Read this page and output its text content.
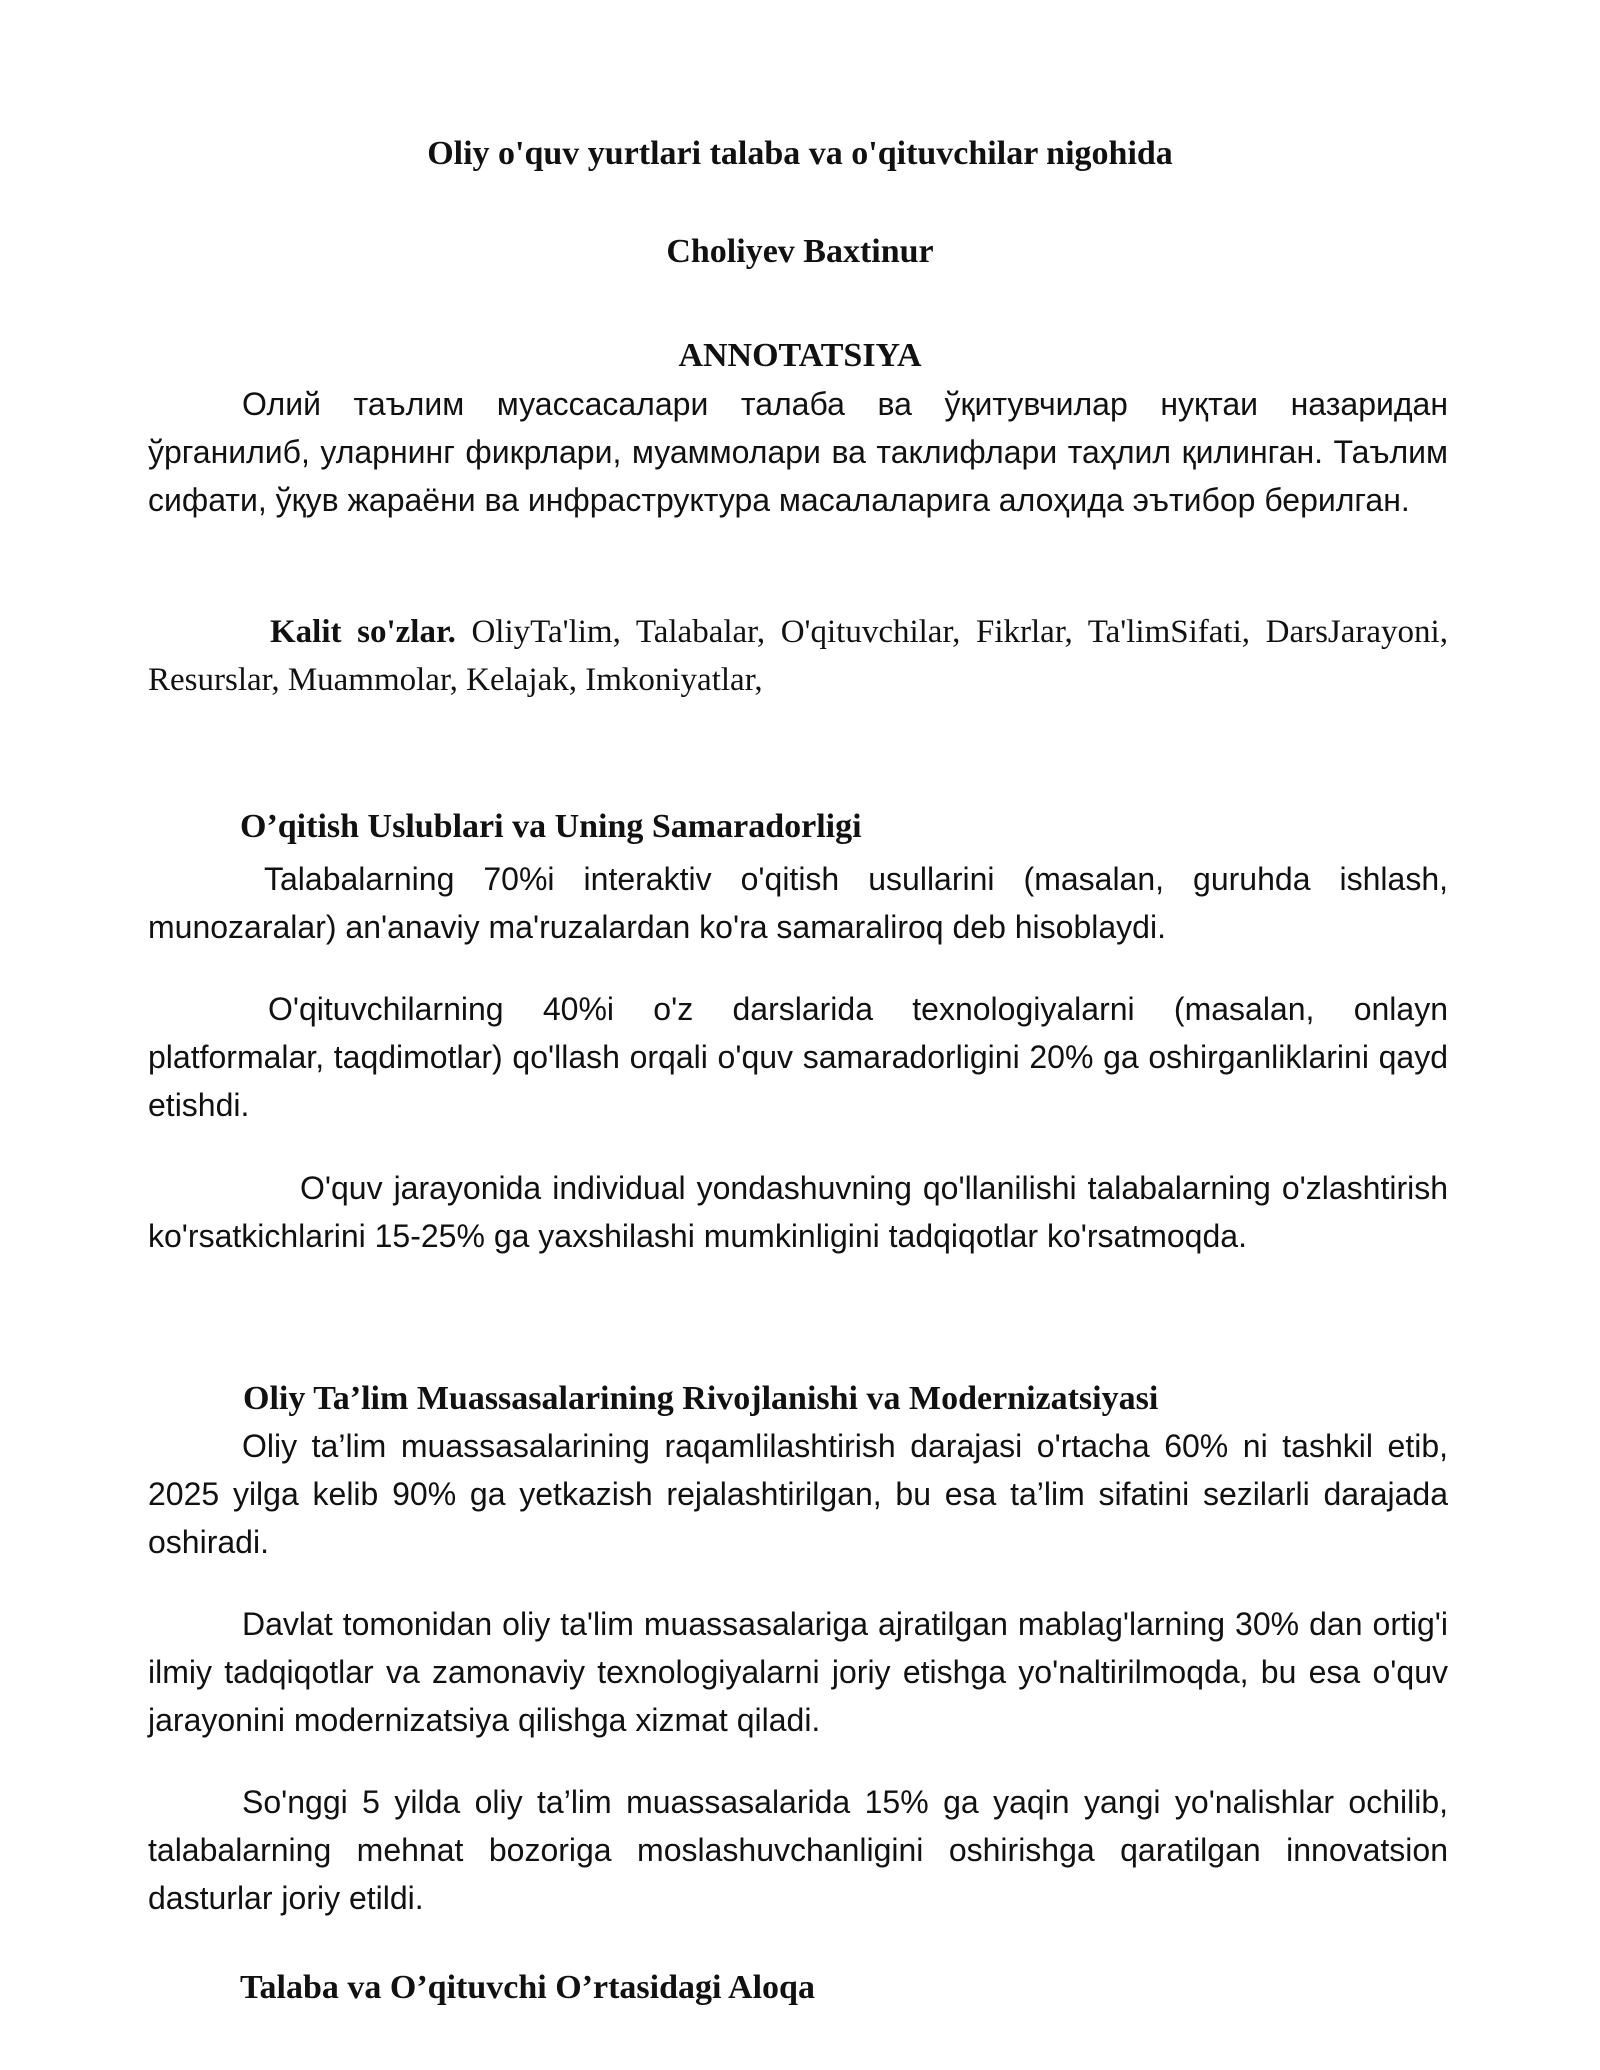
Oliy o'quv yurtlari talaba va o'qituvchilar nigohida

Choliyev Baxtinur

ANNOTATSIYA

Олий таълим муассасалари талаба ва ўқитувчилар нуқтаи назаридан ўрганилиб, уларнинг фикрлари, муаммолари ва таклифлари таҳлил қилинган. Таълим сифати, ўқув жараёни ва инфраструктура масалаларига алоҳида эътибор берилган.

Kalit so'zlar. OliyTa'lim, Talabalar, O'qituvchilar, Fikrlar, Ta'limSifati, DarsJarayoni, Resurslar, Muammolar, Kelajak, Imkoniyatlar,

O’qitish Uslublari va Uning Samaradorligi

Talabalarning 70%i interaktiv o'qitish usullarini (masalan, guruhda ishlash, munozaralar) an'anaviy ma'ruzalardan ko'ra samaraliroq deb hisoblaydi.

O'qituvchilarning 40%i o'z darslarida texnologiyalarni (masalan, onlayn platformalar, taqdimotlar) qo'llash orqali o'quv samaradorligini 20% ga oshirganliklarini qayd etishdi.

O'quv jarayonida individual yondashuvning qo'llanilishi talabalarning o'zlashtirish ko'rsatkichlarini 15-25% ga yaxshilashi mumkinligini tadqiqotlar ko'rsatmoqda.

Oliy Ta’lim Muassasalarining Rivojlanishi va Modernizatsiyasi

Oliy ta’lim muassasalarining raqamlilashtirish darajasi o'rtacha 60% ni tashkil etib, 2025 yilga kelib 90% ga yetkazish rejalashtirilgan, bu esa ta’lim sifatini sezilarli darajada oshiradi.

Davlat tomonidan oliy ta'lim muassasalariga ajratilgan mablag'larning 30% dan ortig'i ilmiy tadqiqotlar va zamonaviy texnologiyalarni joriy etishga yo'naltirilmoqda, bu esa o'quv jarayonini modernizatsiya qilishga xizmat qiladi.

So'nggi 5 yilda oliy ta’lim muassasalarida 15% ga yaqin yangi yo'nalishlar ochilib, talabalarning mehnat bozoriga moslashuvchanligini oshirishga qaratilgan innovatsion dasturlar joriy etildi.

Talaba va O’qituvchi O’rtasidagi Aloqa
